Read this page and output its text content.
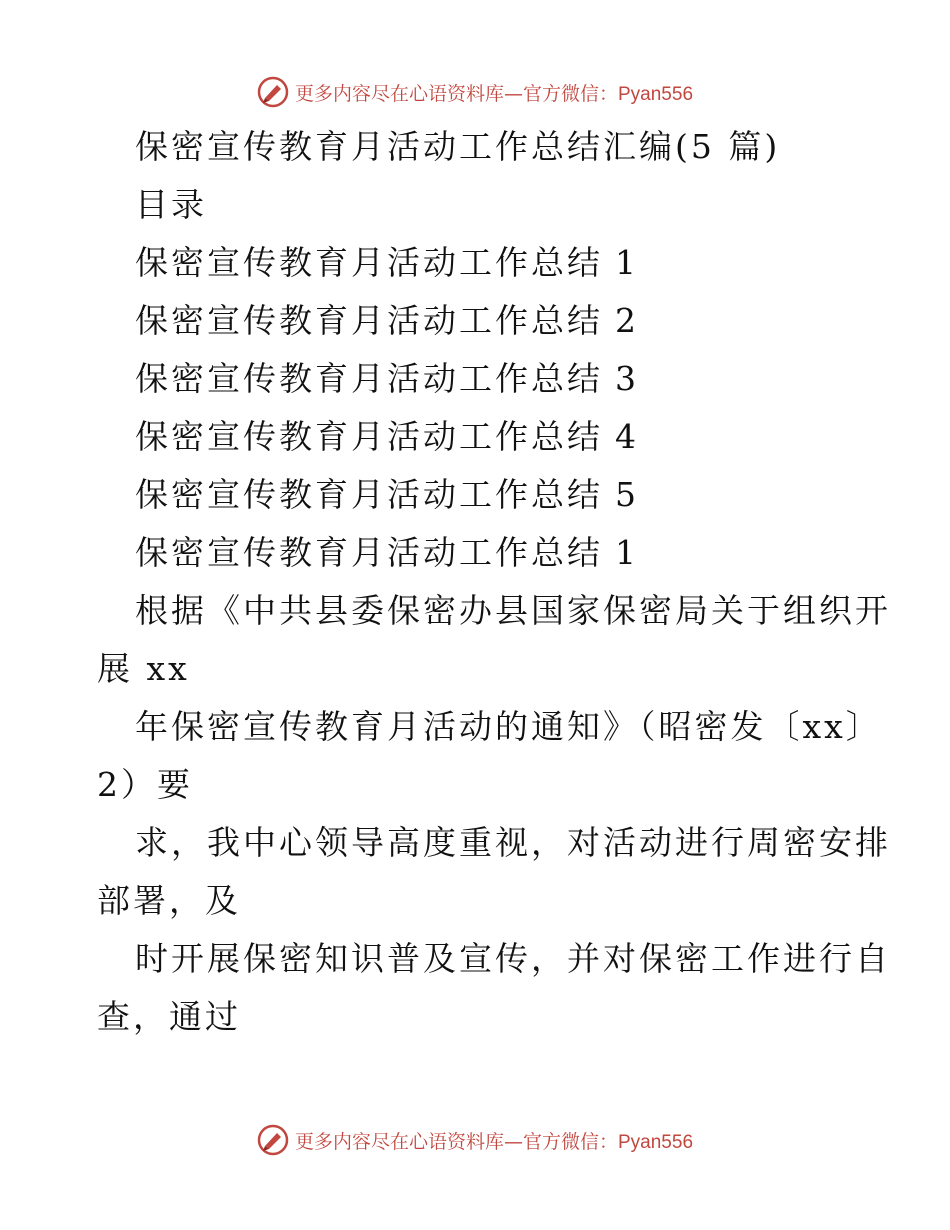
更多内容尽在心语资料库—官方微信：Pyan556
保密宣传教育月活动工作总结汇编(5 篇)
目录
保密宣传教育月活动工作总结 1
保密宣传教育月活动工作总结 2
保密宣传教育月活动工作总结 3
保密宣传教育月活动工作总结 4
保密宣传教育月活动工作总结 5
保密宣传教育月活动工作总结 1
根据《中共县委保密办县国家保密局关于组织开
展 xx
年保密宣传教育月活动的通知》（昭密发〔xx〕
2）要
求，我中心领导高度重视，对活动进行周密安排
部署，及
时开展保密知识普及宣传，并对保密工作进行自
查，通过
更多内容尽在心语资料库—官方微信：Pyan556
